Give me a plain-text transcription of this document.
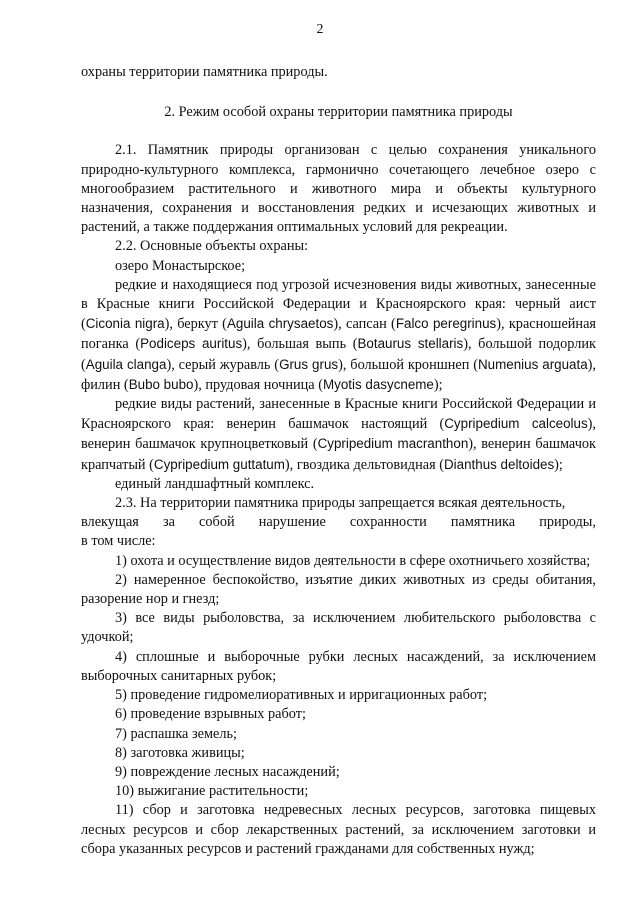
2

охраны территории памятника природы.

2. Режим особой охраны территории памятника природы

2.1. Памятник природы организован с целью сохранения уникального природно-культурного комплекса, гармонично сочетающего лечебное озеро с многообразием растительного и животного мира и объекты культурного назначения, сохранения и восстановления редких и исчезающих животных и растений, а также поддержания оптимальных условий для рекреации.

2.2. Основные объекты охраны:

озеро Монастырское;

редкие и находящиеся под угрозой исчезновения виды животных, занесенные в Красные книги Российской Федерации и Красноярского края: черный аист (Ciconia nigra), беркут (Aguila chrysaetos), сапсан (Falco peregrinus), красношейная поганка (Podiceps auritus), большая выпь (Botaurus stellaris), большой подорлик (Aguila clanga), серый журавль (Grus grus), большой кроншнеп (Numenius arguata), филин (Bubo bubo), прудовая ночница (Myotis dasycneme);

редкие виды растений, занесенные в Красные книги Российской Федерации и Красноярского края: венерин башмачок настоящий (Cypripedium calceolus), венерин башмачок крупноцветковый (Cypripedium macranthon), венерин башмачок крапчатый (Cypripedium guttatum), гвоздика дельтовидная (Dianthus deltoides);

единый ландшафтный комплекс.

2.3. На территории памятника природы запрещается всякая деятельность,

влекущая за собой нарушение сохранности памятника природы,

в том числе:

1) охота и осуществление видов деятельности в сфере охотничьего хозяйства;

2) намеренное беспокойство, изъятие диких животных из среды обитания, разорение нор и гнезд;

3) все виды рыболовства, за исключением любительского рыболовства с удочкой;

4) сплошные и выборочные рубки лесных насаждений, за исключением выборочных санитарных рубок;

5) проведение гидромелиоративных и ирригационных работ;

6) проведение взрывных работ;

7) распашка земель;

8) заготовка живицы;

9) повреждение лесных насаждений;

10) выжигание растительности;

11) сбор и заготовка недревесных лесных ресурсов, заготовка пищевых лесных ресурсов и сбор лекарственных растений, за исключением заготовки и сбора указанных ресурсов и растений гражданами для собственных нужд;
